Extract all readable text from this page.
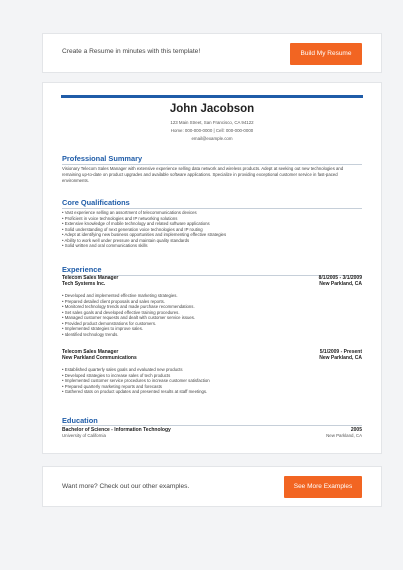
Create a Resume in minutes with this template!	Build My Resume
John Jacobson
123 Main Street, San Francisco, CA 94122
Home: 000-000-0000 | Cell: 000-000-0000
email@example.com
Professional Summary
Visionary Telecom Sales Manager with extensive experience selling data network and wireless products. Adept at seeking out new technologies and remaining up-to-date on product upgrades and available software applications. Specialize in providing exceptional customer service in fast-paced environments.
Core Qualifications
• Vast experience selling an assortment of telecommunications devices
• Proficient in voice technologies and IP networking solutions
• Extensive knowledge of mobile technology and related software applications
• Solid understanding of next generation voice technologies and IP routing
• Adept at identifying new business opportunities and implementing effective strategies
• Ability to work well under pressure and maintain quality standards
• Solid written and oral communications skills
Experience
Telecom Sales Manager	8/1/2005 - 3/1/2009
Tech Systems Inc.	New Parkland, CA
• Developed and implemented effective marketing strategies.
• Prepared detailed client proposals and sales reports.
• Monitored technology trends and made purchase recommendations.
• Set sales goals and developed effective training procedures.
• Managed customer requests and dealt with customer service issues.
• Provided product demonstrations for customers.
• Implemented strategies to improve sales.
• Identified technology trends.
Telecom Sales Manager	5/1/2009 - Present
New Parkland Communications	New Parkland, CA
• Established quarterly sales goals and evaluated new products
• Developed strategies to increase sales of tech products
• Implemented customer service procedures to increase customer satisfaction
• Prepared quarterly marketing reports and forecasts
• Gathered stats on product updates and presented results at staff meetings.
Education
Bachelor of Science - Information Technology	2005
University of California	New Parkland, CA
Want more? Check out our other examples.	See More Examples
